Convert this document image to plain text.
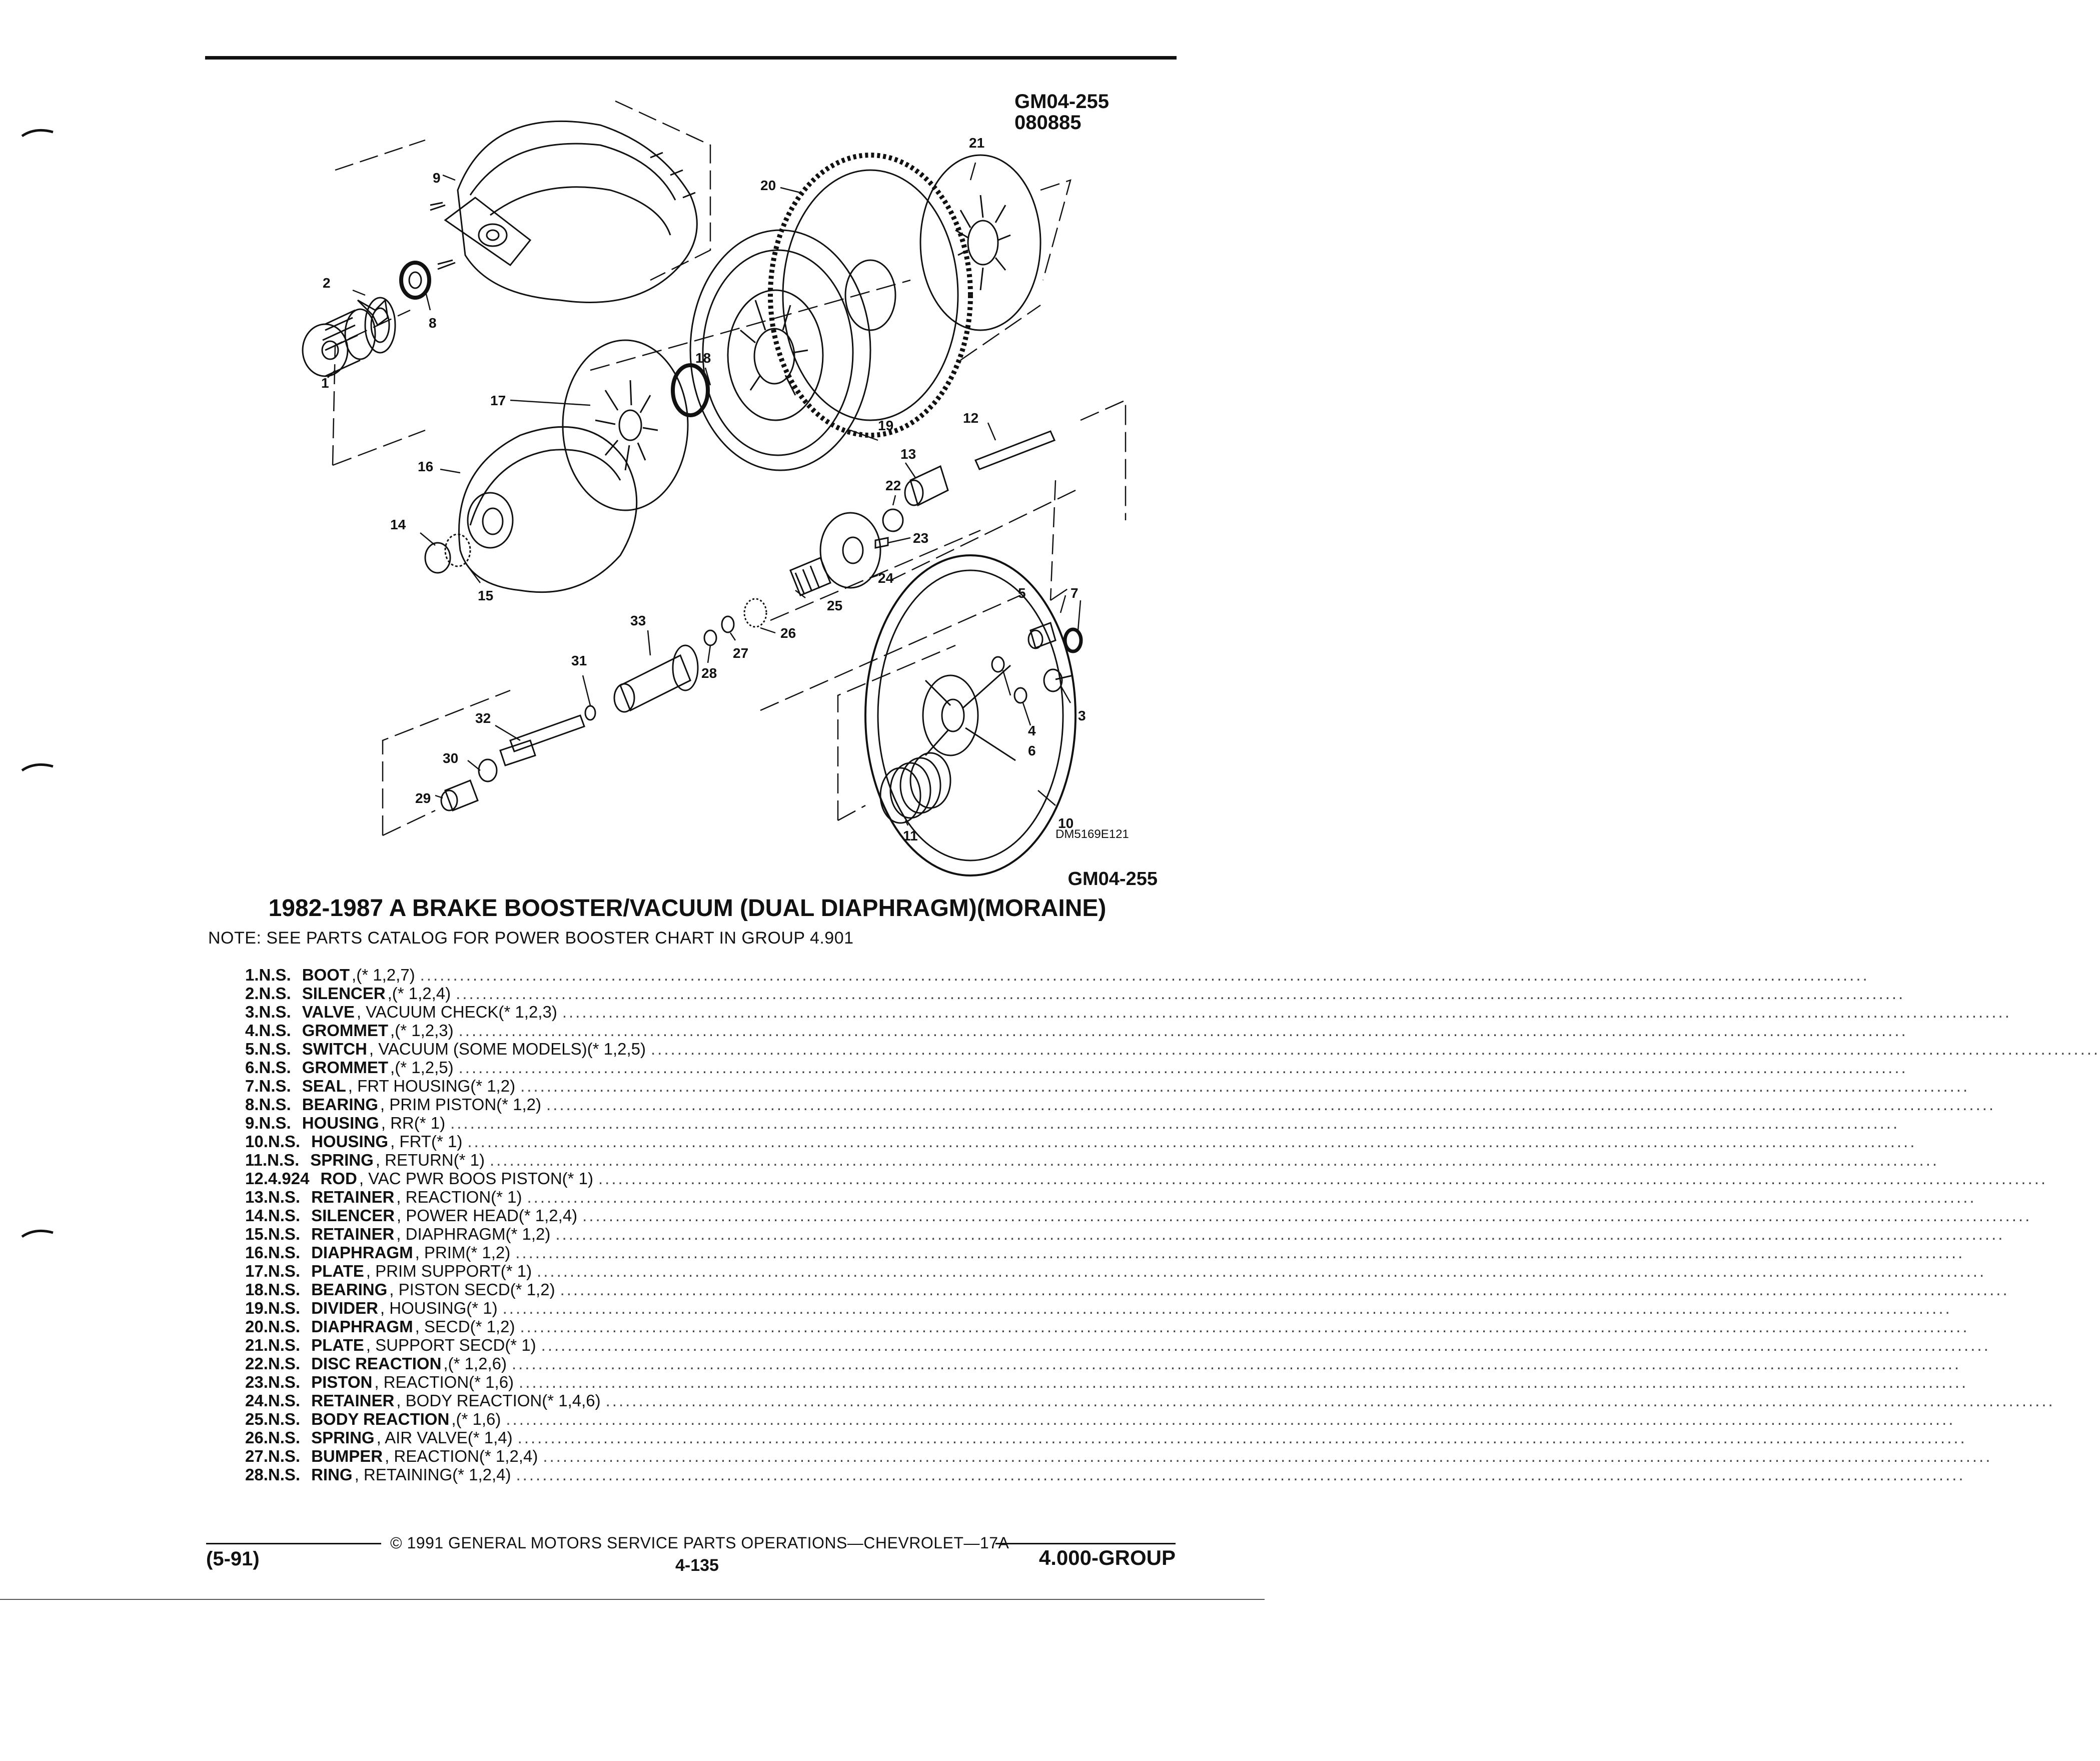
GM04-255
080885
1
2
3
4
5
6
7
8
9
10
11
12
13
14
15
16
17
18
19
20
21
22
23
24
25
26
27
28
29
30
31
32
33
DM5169E121
GM04-255
1982-1987 A BRAKE BOOSTER/VACUUM (DUAL DIAPHRAGM)(MORAINE)
NOTE: SEE PARTS CATALOG FOR POWER BOOSTER CHART IN GROUP 4.901
1. N.S. BOOT ,(* 1,2,7) ............................................................................................................................................................................................................................
2. N.S. SILENCER ,(* 1,2,4) ............................................................................................................................................................................................................................
3. N.S. VALVE , VACUUM CHECK(* 1,2,3) ............................................................................................................................................................................................................................
4. N.S. GROMMET ,(* 1,2,3) ............................................................................................................................................................................................................................
5. N.S. SWITCH , VACUUM (SOME MODELS)(* 1,2,5) ............................................................................................................................................................................................................................
6. N.S. GROMMET ,(* 1,2,5) ............................................................................................................................................................................................................................
7. N.S. SEAL , FRT HOUSING(* 1,2) ............................................................................................................................................................................................................................
8. N.S. BEARING , PRIM PISTON(* 1,2) ............................................................................................................................................................................................................................
9. N.S. HOUSING , RR(* 1) ............................................................................................................................................................................................................................
10. N.S. HOUSING , FRT(* 1) ............................................................................................................................................................................................................................
11. N.S. SPRING , RETURN(* 1) ............................................................................................................................................................................................................................
12. 4.924 ROD , VAC PWR BOOS PISTON(* 1) ............................................................................................................................................................................................................................
13. N.S. RETAINER , REACTION(* 1) ............................................................................................................................................................................................................................
14. N.S. SILENCER , POWER HEAD(* 1,2,4) ............................................................................................................................................................................................................................
15. N.S. RETAINER , DIAPHRAGM(* 1,2) ............................................................................................................................................................................................................................
16. N.S. DIAPHRAGM , PRIM(* 1,2) ............................................................................................................................................................................................................................
17. N.S. PLATE , PRIM SUPPORT(* 1) ............................................................................................................................................................................................................................
18. N.S. BEARING , PISTON SECD(* 1,2) ............................................................................................................................................................................................................................
19. N.S. DIVIDER , HOUSING(* 1) ............................................................................................................................................................................................................................
20. N.S. DIAPHRAGM , SECD(* 1,2) ............................................................................................................................................................................................................................
21. N.S. PLATE , SUPPORT SECD(* 1) ............................................................................................................................................................................................................................
22. N.S. DISC REACTION ,(* 1,2,6) ............................................................................................................................................................................................................................
23. N.S. PISTON , REACTION(* 1,6) ............................................................................................................................................................................................................................
24. N.S. RETAINER , BODY REACTION(* 1,4,6) ............................................................................................................................................................................................................................
25. N.S. BODY REACTION ,(* 1,6) ............................................................................................................................................................................................................................
26. N.S. SPRING , AIR VALVE(* 1,4) ............................................................................................................................................................................................................................
27. N.S. BUMPER , REACTION(* 1,2,4) ............................................................................................................................................................................................................................
28. N.S. RING , RETAINING(* 1,2,4) ............................................................................................................................................................................................................................
© 1991 GENERAL MOTORS SERVICE PARTS OPERATIONS—CHEVROLET—17A
(5-91)	4-135	4.000-GROUP
